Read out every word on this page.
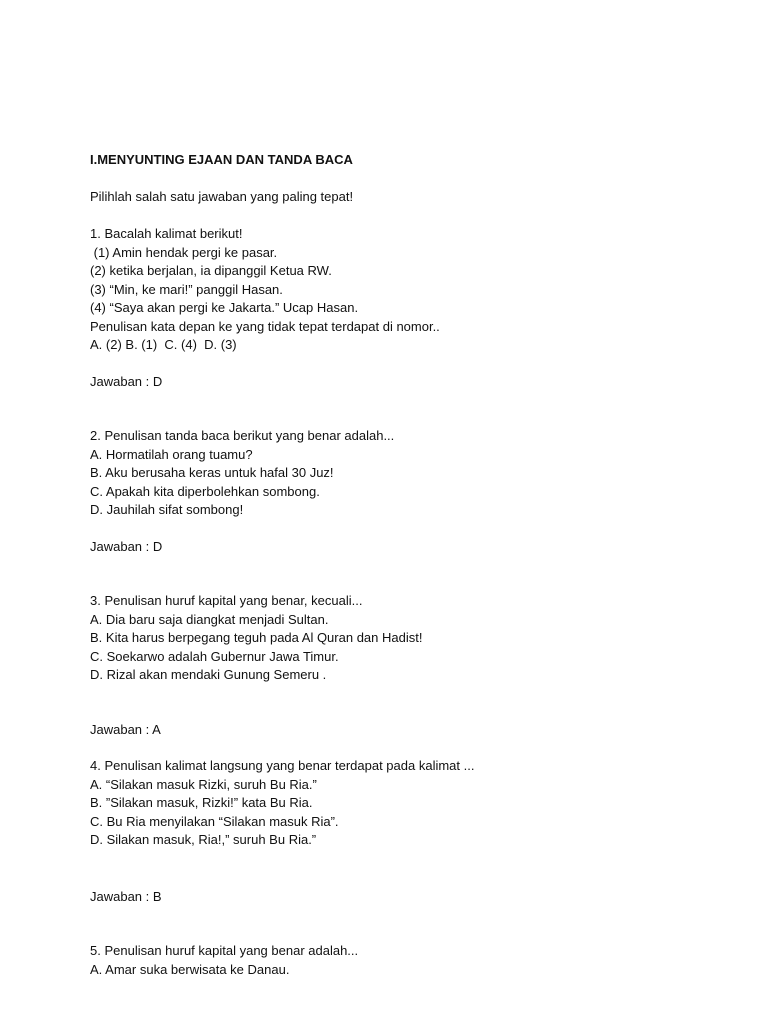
I.MENYUNTING EJAAN DAN TANDA BACA

Pilihlah salah satu jawaban yang paling tepat!

1. Bacalah kalimat berikut!

(1) Amin hendak pergi ke pasar.

(2) ketika berjalan, ia dipanggil Ketua RW.

(3) “Min, ke mari!” panggil Hasan.

(4) “Saya akan pergi ke Jakarta.” Ucap Hasan.

Penulisan kata depan ke yang tidak tepat terdapat di nomor..

A. (2) B. (1)  C. (4)  D. (3)

Jawaban : D

2. Penulisan tanda baca berikut yang benar adalah...

A. Hormatilah orang tuamu?

B. Aku berusaha keras untuk hafal 30 Juz!

C. Apakah kita diperbolehkan sombong.

D. Jauhilah sifat sombong!

Jawaban : D

3. Penulisan huruf kapital yang benar, kecuali...

A. Dia baru saja diangkat menjadi Sultan.

B. Kita harus berpegang teguh pada Al Quran dan Hadist!

C. Soekarwo adalah Gubernur Jawa Timur.

D. Rizal akan mendaki Gunung Semeru .

Jawaban : A

4. Penulisan kalimat langsung yang benar terdapat pada kalimat ...

A. “Silakan masuk Rizki, suruh Bu Ria.”

B. ”Silakan masuk, Rizki!” kata Bu Ria.

C. Bu Ria menyilakan “Silakan masuk Ria”.

D. Silakan masuk, Ria!,” suruh Bu Ria.”

Jawaban : B

5. Penulisan huruf kapital yang benar adalah...

A. Amar suka berwisata ke Danau.
